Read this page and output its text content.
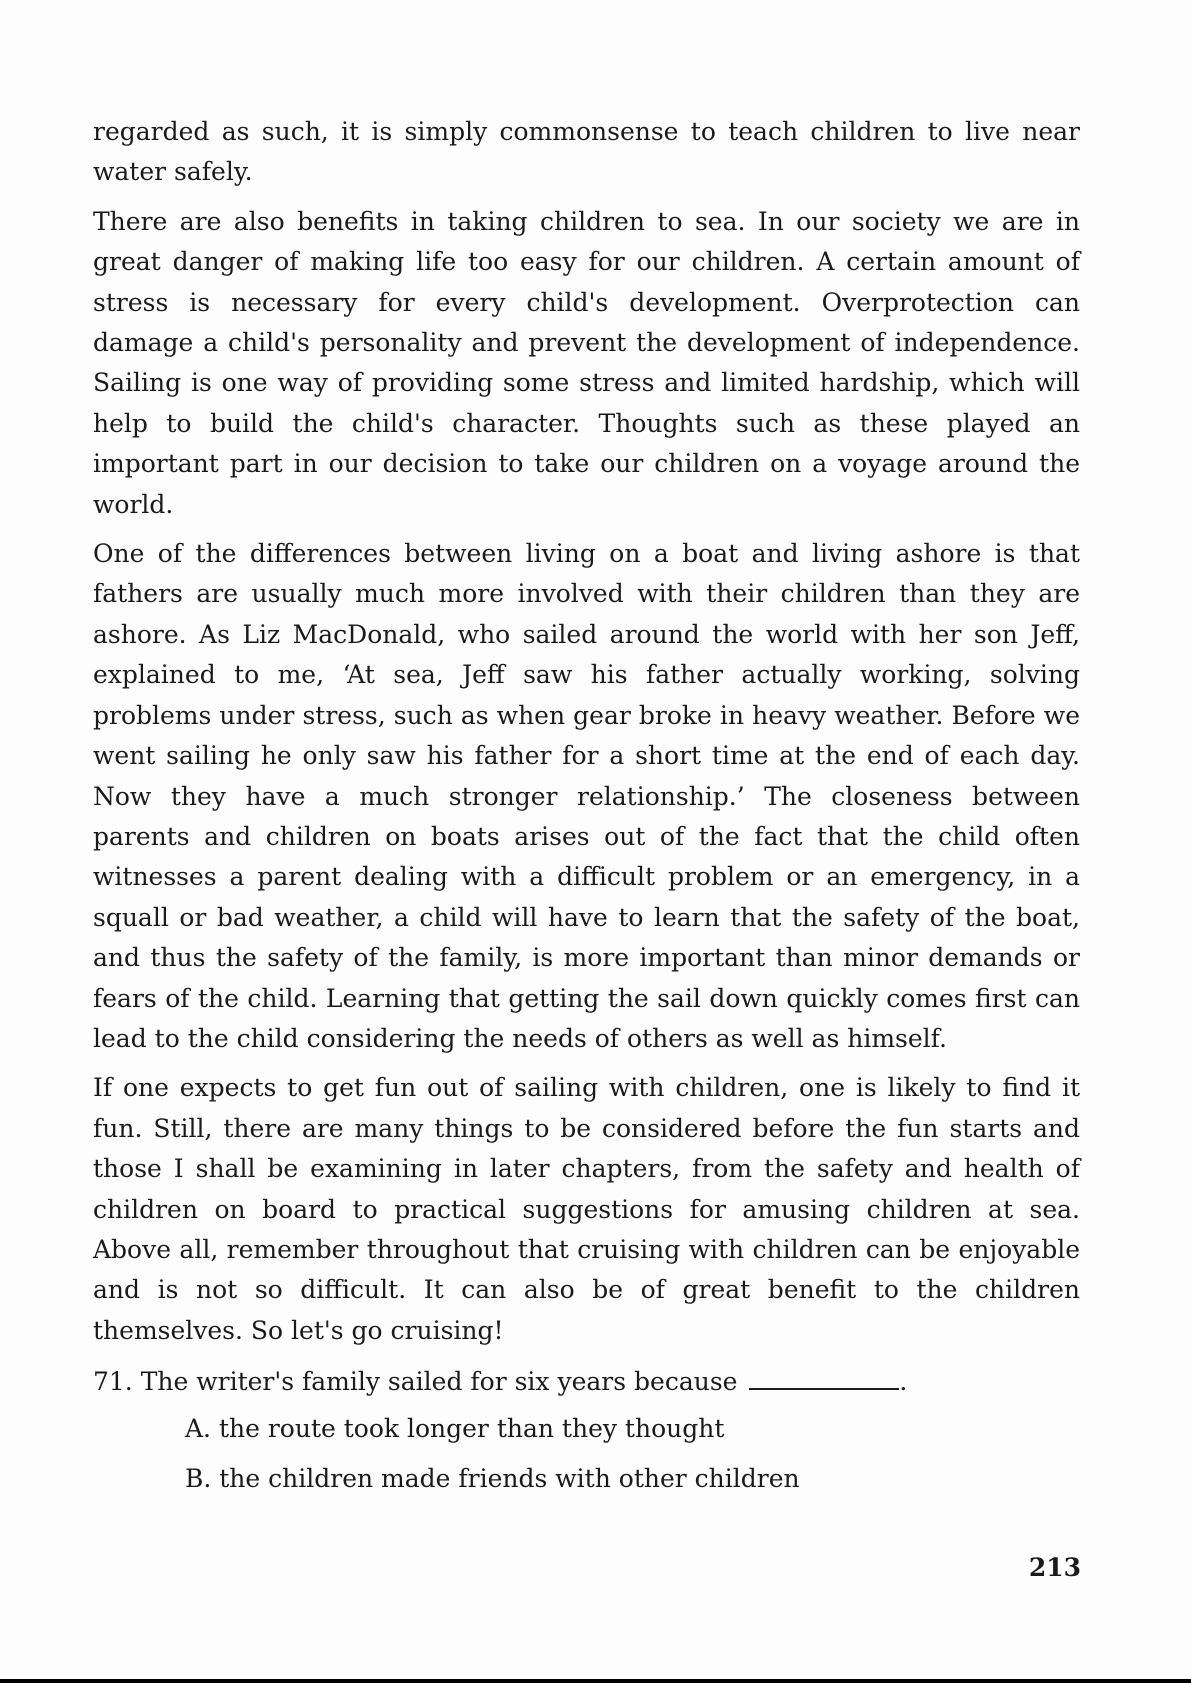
regarded as such, it is simply commonsense to teach children to live near water safely.

There are also benefits in taking children to sea. In our society we are in great danger of making life too easy for our children. A certain amount of stress is necessary for every child's development. Overprotection can damage a child's personality and prevent the development of independence. Sailing is one way of providing some stress and limited hardship, which will help to build the child's character. Thoughts such as these played an important part in our decision to take our children on a voyage around the world.

One of the differences between living on a boat and living ashore is that fathers are usually much more involved with their children than they are ashore. As Liz MacDonald, who sailed around the world with her son Jeff, explained to me, ‘At sea, Jeff saw his father actually working, solving problems under stress, such as when gear broke in heavy weather. Before we went sailing he only saw his father for a short time at the end of each day. Now they have a much stronger relationship.’ The closeness between parents and children on boats arises out of the fact that the child often witnesses a parent dealing with a difficult problem or an emergency, in a squall or bad weather, a child will have to learn that the safety of the boat, and thus the safety of the family, is more important than minor demands or fears of the child. Learning that getting the sail down quickly comes first can lead to the child considering the needs of others as well as himself.

If one expects to get fun out of sailing with children, one is likely to find it fun. Still, there are many things to be considered before the fun starts and those I shall be examining in later chapters, from the safety and health of children on board to practical suggestions for amusing children at sea. Above all, remember throughout that cruising with children can be enjoyable and is not so difficult. It can also be of great benefit to the children themselves. So let's go cruising!

71. The writer's family sailed for six years because	.

A. the route took longer than they thought
B. the children made friends with other children
213
